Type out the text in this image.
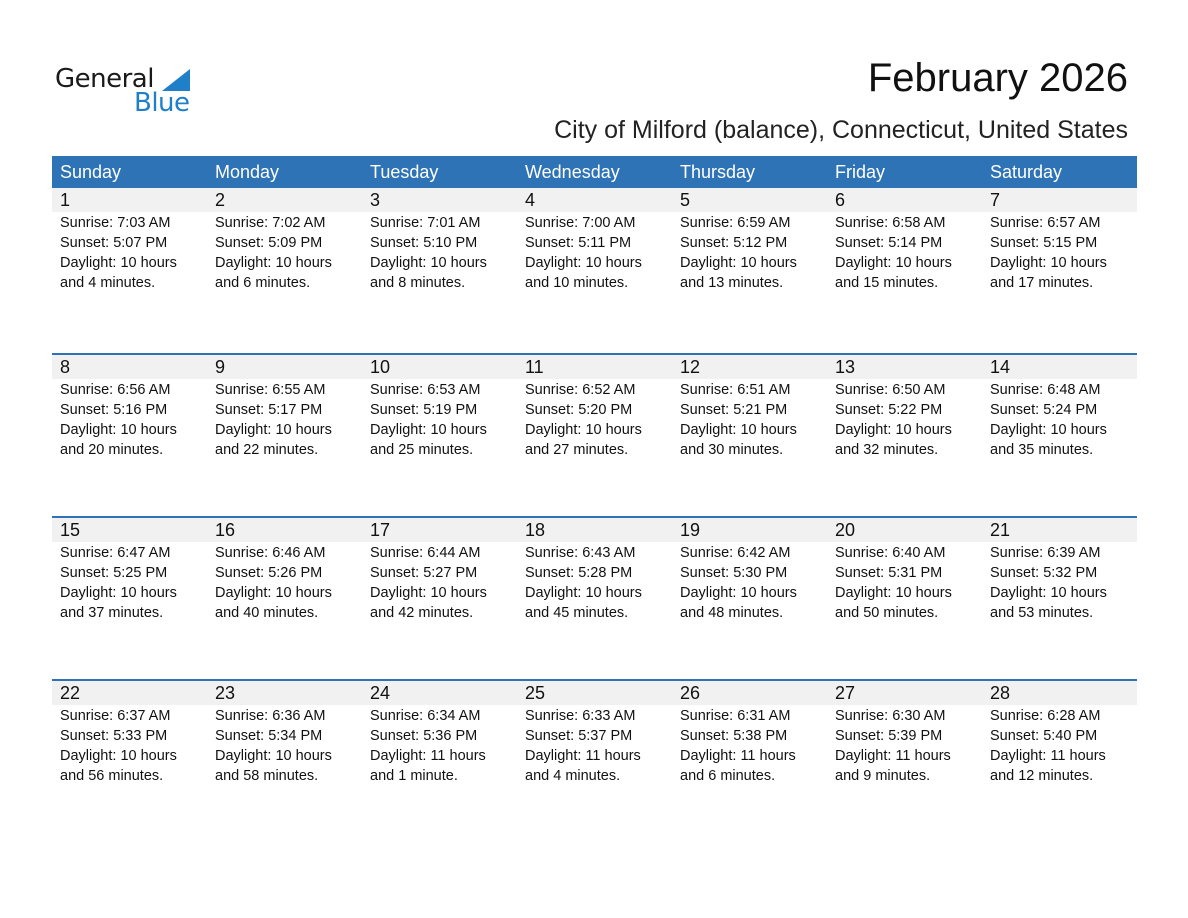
General
Blue
February 2026
City of Milford (balance), Connecticut, United States
Sunday	Monday	Tuesday	Wednesday	Thursday	Friday	Saturday
1	2	3	4	5	6	7
Sunrise: 7:03 AM
Sunset: 5:07 PM
Daylight: 10 hours
and 4 minutes.
Sunrise: 7:02 AM
Sunset: 5:09 PM
Daylight: 10 hours
and 6 minutes.
Sunrise: 7:01 AM
Sunset: 5:10 PM
Daylight: 10 hours
and 8 minutes.
Sunrise: 7:00 AM
Sunset: 5:11 PM
Daylight: 10 hours
and 10 minutes.
Sunrise: 6:59 AM
Sunset: 5:12 PM
Daylight: 10 hours
and 13 minutes.
Sunrise: 6:58 AM
Sunset: 5:14 PM
Daylight: 10 hours
and 15 minutes.
Sunrise: 6:57 AM
Sunset: 5:15 PM
Daylight: 10 hours
and 17 minutes.
8	9	10	11	12	13	14
Sunrise: 6:56 AM
Sunset: 5:16 PM
Daylight: 10 hours
and 20 minutes.
Sunrise: 6:55 AM
Sunset: 5:17 PM
Daylight: 10 hours
and 22 minutes.
Sunrise: 6:53 AM
Sunset: 5:19 PM
Daylight: 10 hours
and 25 minutes.
Sunrise: 6:52 AM
Sunset: 5:20 PM
Daylight: 10 hours
and 27 minutes.
Sunrise: 6:51 AM
Sunset: 5:21 PM
Daylight: 10 hours
and 30 minutes.
Sunrise: 6:50 AM
Sunset: 5:22 PM
Daylight: 10 hours
and 32 minutes.
Sunrise: 6:48 AM
Sunset: 5:24 PM
Daylight: 10 hours
and 35 minutes.
15	16	17	18	19	20	21
Sunrise: 6:47 AM
Sunset: 5:25 PM
Daylight: 10 hours
and 37 minutes.
Sunrise: 6:46 AM
Sunset: 5:26 PM
Daylight: 10 hours
and 40 minutes.
Sunrise: 6:44 AM
Sunset: 5:27 PM
Daylight: 10 hours
and 42 minutes.
Sunrise: 6:43 AM
Sunset: 5:28 PM
Daylight: 10 hours
and 45 minutes.
Sunrise: 6:42 AM
Sunset: 5:30 PM
Daylight: 10 hours
and 48 minutes.
Sunrise: 6:40 AM
Sunset: 5:31 PM
Daylight: 10 hours
and 50 minutes.
Sunrise: 6:39 AM
Sunset: 5:32 PM
Daylight: 10 hours
and 53 minutes.
22	23	24	25	26	27	28
Sunrise: 6:37 AM
Sunset: 5:33 PM
Daylight: 10 hours
and 56 minutes.
Sunrise: 6:36 AM
Sunset: 5:34 PM
Daylight: 10 hours
and 58 minutes.
Sunrise: 6:34 AM
Sunset: 5:36 PM
Daylight: 11 hours
and 1 minute.
Sunrise: 6:33 AM
Sunset: 5:37 PM
Daylight: 11 hours
and 4 minutes.
Sunrise: 6:31 AM
Sunset: 5:38 PM
Daylight: 11 hours
and 6 minutes.
Sunrise: 6:30 AM
Sunset: 5:39 PM
Daylight: 11 hours
and 9 minutes.
Sunrise: 6:28 AM
Sunset: 5:40 PM
Daylight: 11 hours
and 12 minutes.
